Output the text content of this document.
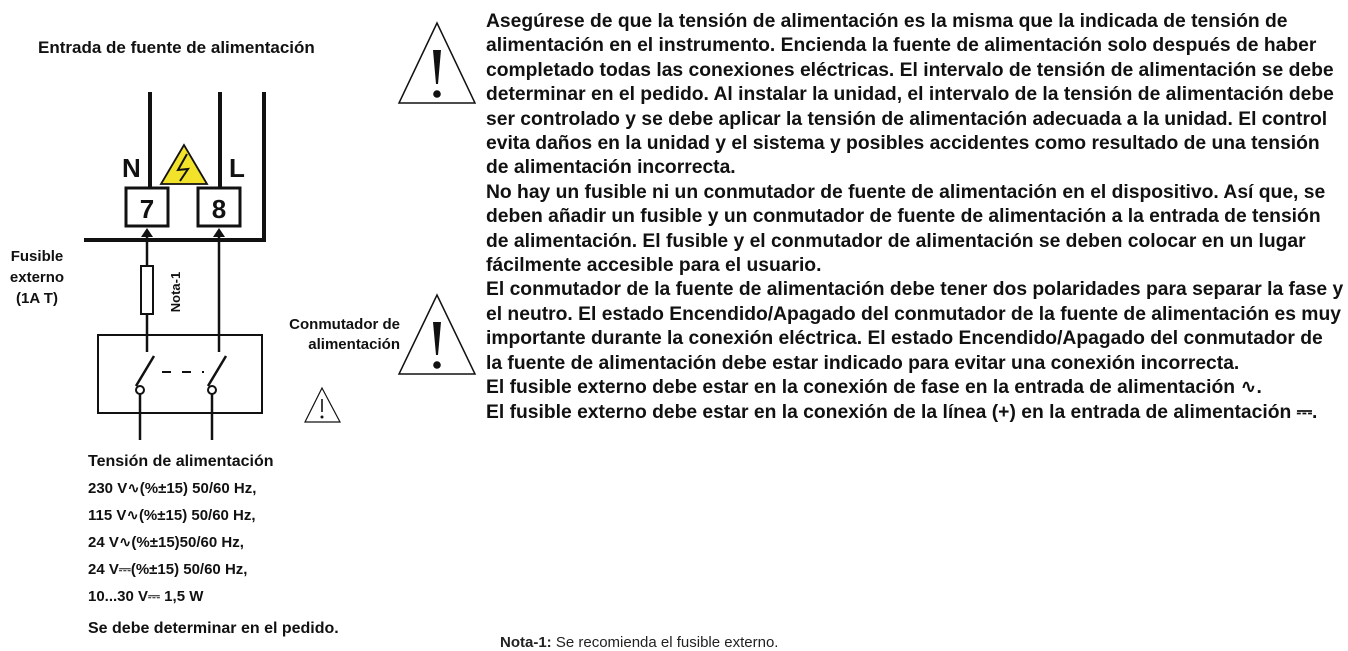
N	L
7 8
Nota-1
Entrada de fuente de alimentación
Fusible externo (1A T)
Conmutador de alimentación
Tensión de alimentación
230 V∿(%±15) 50/60 Hz,
115 V∿(%±15) 50/60 Hz,
24 V∿(%±15)50/60 Hz,
24 V⎓(%±15) 50/60 Hz,
10...30 V⎓ 1,5 W
Se debe determinar en el pedido.

Asegúrese de que la tensión de alimentación es la misma que la indicada de tensión de alimentación en el instrumento. Encienda la fuente de alimentación solo después de haber completado todas las conexiones eléctricas. El intervalo de tensión de alimentación se debe determinar en el pedido. Al instalar la unidad, el intervalo de la tensión de alimentación debe ser controlado y se debe aplicar la tensión de alimentación adecuada a la unidad. El control evita daños en la unidad y el sistema y posibles accidentes como resultado de una tensión de alimentación incorrecta.

No hay un fusible ni un conmutador de fuente de alimentación en el dispositivo. Así que, se deben añadir un fusible y un conmutador de fuente de alimentación a la entrada de tensión de alimentación. El fusible y el conmutador de alimentación se deben colocar en un lugar fácilmente accesible para el usuario.

El conmutador de la fuente de alimentación debe tener dos polaridades para separar la fase y el neutro. El estado Encendido/Apagado del conmutador de la fuente de alimentación es muy importante durante la conexión eléctrica. El estado Encendido/Apagado del conmutador de la fuente de alimentación debe estar indicado para evitar una conexión incorrecta.

El fusible externo debe estar en la conexión de fase en la entrada de alimentación ∿.

El fusible externo debe estar en la conexión de la línea (+) en la entrada de alimentación ⎓.

Nota-1: Se recomienda el fusible externo.
